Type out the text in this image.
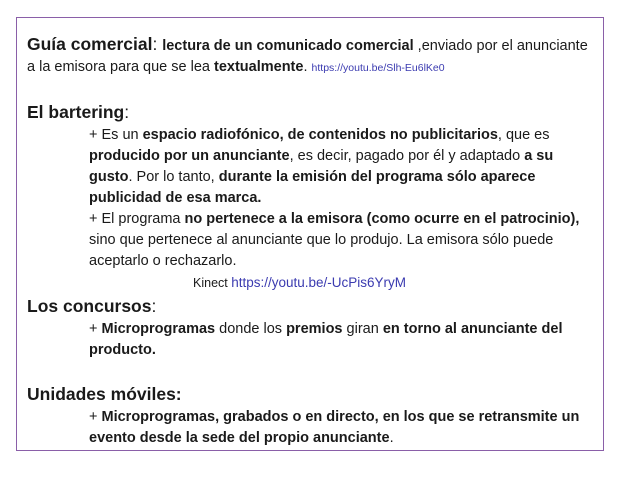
Guía comercial: lectura de un comunicado comercial ,enviado por el anunciante a la emisora para que se lea textualmente. https://youtu.be/Slh-Eu6lKe0

El bartering:

+ Es un espacio radiofónico, de contenidos no publicitarios, que es producido por un anunciante, es decir, pagado por él y adaptado a su gusto. Por lo tanto, durante la emisión del programa sólo aparece publicidad de esa marca.

+ El programa no pertenece a la emisora (como ocurre en el patrocinio), sino que pertenece al anunciante que lo produjo. La emisora sólo puede aceptarlo o rechazarlo.

Kinect https://youtu.be/-UcPis6YryM

Los concursos:

+ Microprogramas donde los premios giran en torno al anunciante del producto.

Unidades móviles:

+ Microprogramas, grabados o en directo, en los que se retransmite un evento desde la sede del propio anunciante.
